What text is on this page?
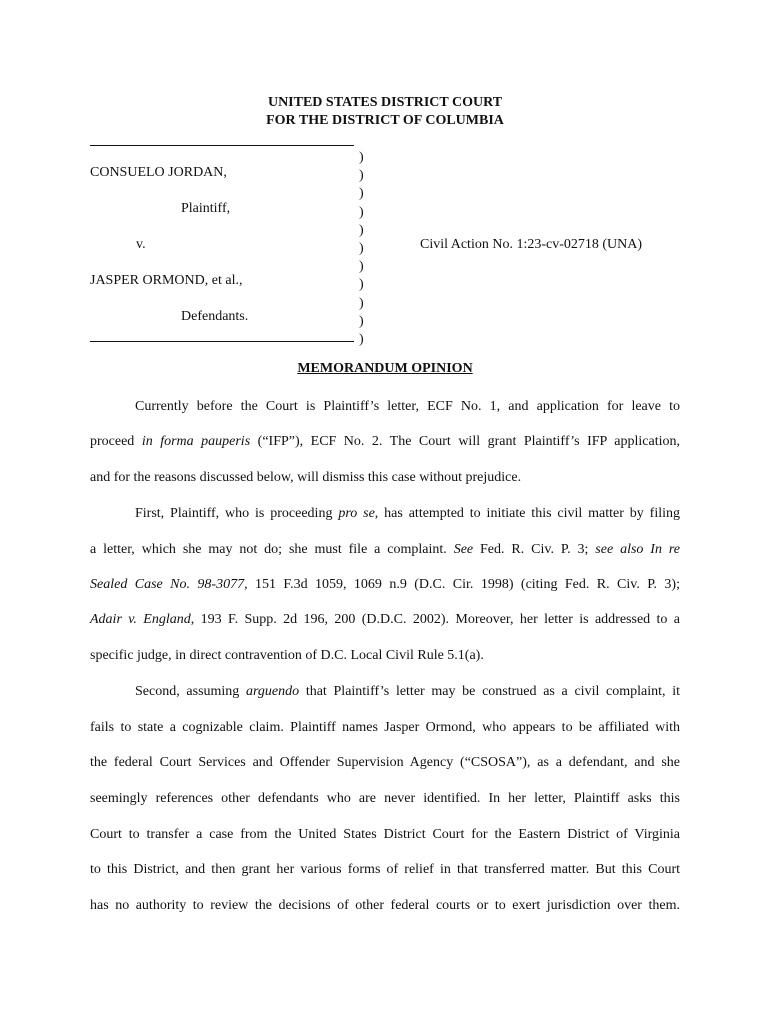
UNITED STATES DISTRICT COURT
FOR THE DISTRICT OF COLUMBIA
)
)
)
)
)
)
)
)
)
)
)
CONSUELO JORDAN,
Plaintiff,
v.	Civil Action No. 1:23-cv-02718 (UNA)
JASPER ORMOND, et al.,
Defendants.
MEMORANDUM OPINION
Currently before the Court is Plaintiff’s letter, ECF No. 1, and application for leave to
proceed in forma pauperis (“IFP”), ECF No. 2. The Court will grant Plaintiff’s IFP application,
and for the reasons discussed below, will dismiss this case without prejudice.
First, Plaintiff, who is proceeding pro se, has attempted to initiate this civil matter by filing
a letter, which she may not do; she must file a complaint. See Fed. R. Civ. P. 3; see also In re
Sealed Case No. 98-3077, 151 F.3d 1059, 1069 n.9 (D.C. Cir. 1998) (citing Fed. R. Civ. P. 3);
Adair v. England, 193 F. Supp. 2d 196, 200 (D.D.C. 2002). Moreover, her letter is addressed to a
specific judge, in direct contravention of D.C. Local Civil Rule 5.1(a).
Second, assuming arguendo that Plaintiff’s letter may be construed as a civil complaint, it
fails to state a cognizable claim. Plaintiff names Jasper Ormond, who appears to be affiliated with
the federal Court Services and Offender Supervision Agency (“CSOSA”), as a defendant, and she
seemingly references other defendants who are never identified. In her letter, Plaintiff asks this
Court to transfer a case from the United States District Court for the Eastern District of Virginia
to this District, and then grant her various forms of relief in that transferred matter. But this Court
has no authority to review the decisions of other federal courts or to exert jurisdiction over them.
